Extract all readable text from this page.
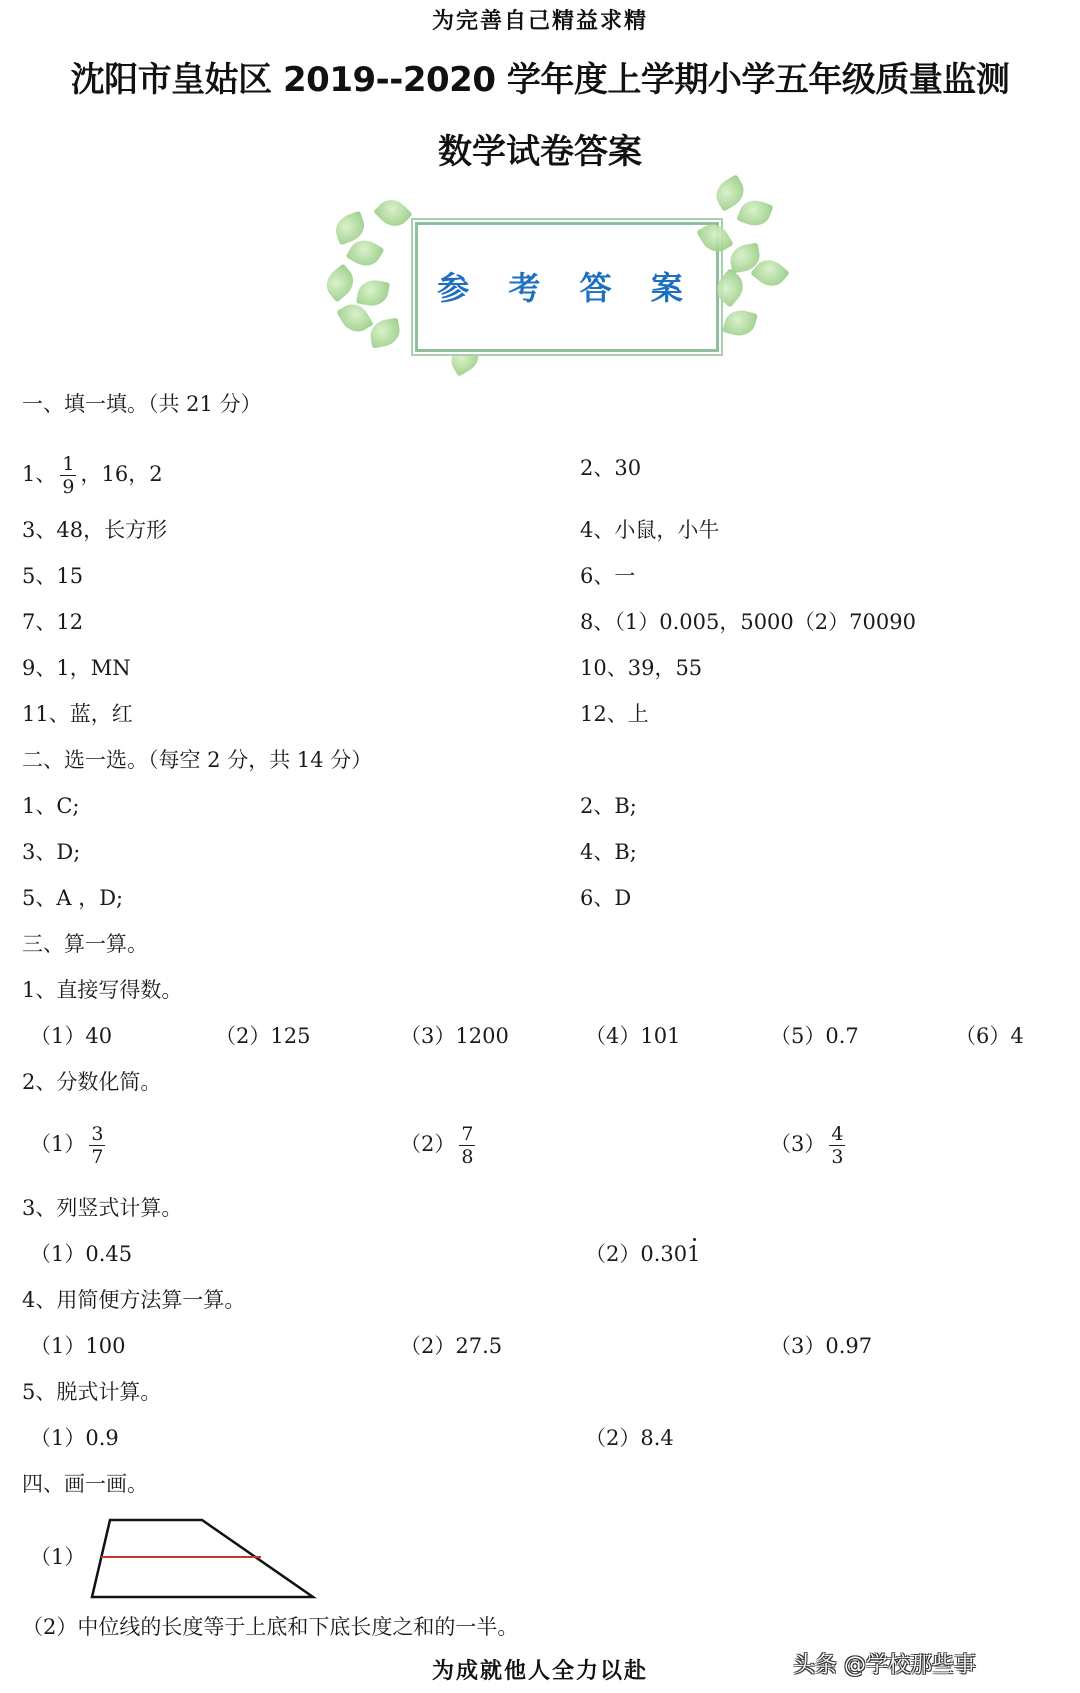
为完善自己精益求精
沈阳市皇姑区 2019--2020 学年度上学期小学五年级质量监测
数学试卷答案
参 考 答 案
一、填一填。（共 21 分）
1、 $\frac{1}{9}$ ，16，2	2、30
3、48，长方形	4、小鼠，小牛
5、15	6、一
7、12	8、（1）0.005，5000（2）70090
9、1，MN	10、39，55
11、蓝，红	12、上
二、选一选。（每空 2 分，共 14 分）
1、C;	2、B;
3、D;	4、B;
5、A ，D;	6、D
三、算一算。
1、直接写得数。
（1）40	（2）125	（3）1200	（4）101	（5）0.7	（6）4
2、分数化简。
$(1) \frac{3}{7}$	$(2) \frac{7}{8}$	$(3) \frac{4}{3}$
3、列竖式计算。
（1）0.45	（2）0.301
4、用简便方法算一算。
（1）100	（2）27.5	（3）0.97
5、脱式计算。
（1）0.9	（2）8.4
四、画一画。
（1）
（2）中位线的长度等于上底和下底长度之和的一半。
为成就他人全力以赴	头条 @学校那些事
